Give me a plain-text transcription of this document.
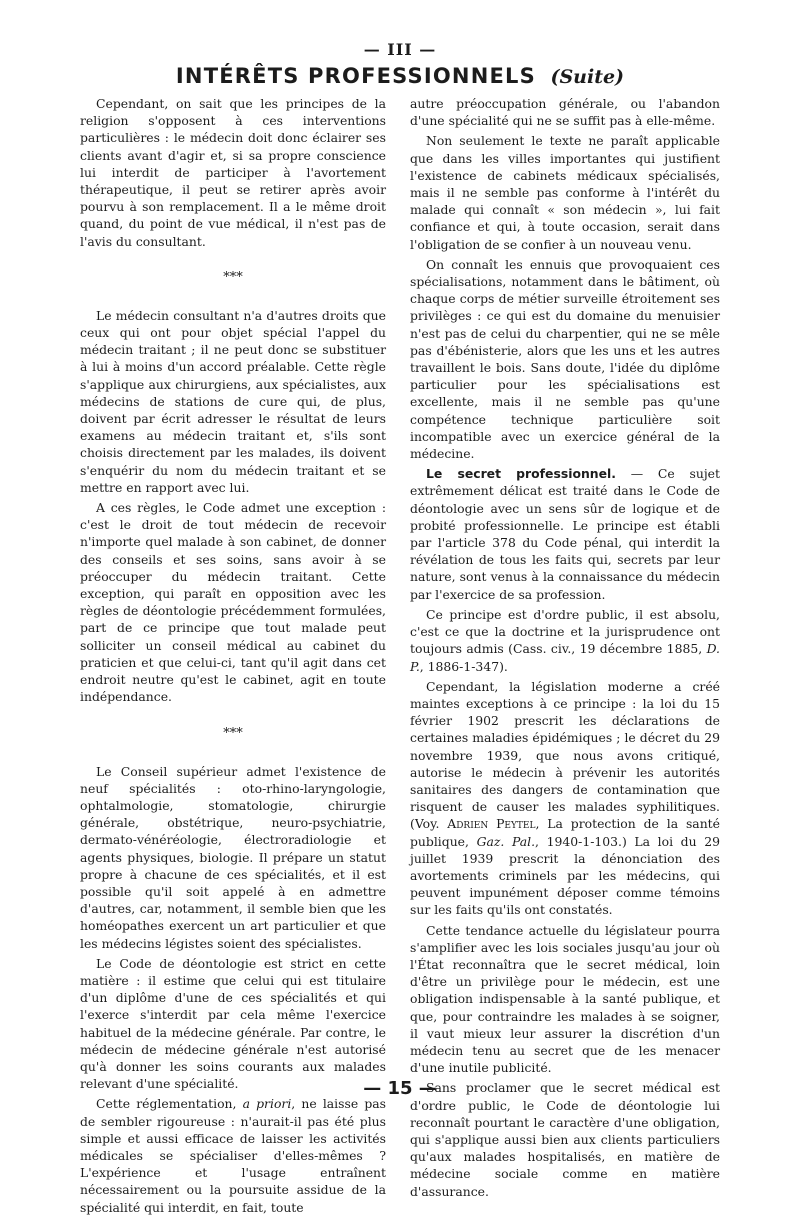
— III —
INTÉRÊTS PROFESSIONNELS (Suite)

Cependant, on sait que les principes de la religion s'opposent à ces interventions particulières : le médecin doit donc éclairer ses clients avant d'agir et, si sa propre conscience lui interdit de participer à l'avortement thérapeutique, il peut se retirer après avoir pourvu à son remplacement. Il a le même droit quand, du point de vue médical, il n'est pas de l'avis du consultant.

***

Le médecin consultant n'a d'autres droits que ceux qui ont pour objet spécial l'appel du médecin traitant ; il ne peut donc se substituer à lui à moins d'un accord préalable. Cette règle s'applique aux chirurgiens, aux spécialistes, aux médecins de stations de cure qui, de plus, doivent par écrit adresser le résultat de leurs examens au médecin traitant et, s'ils sont choisis directement par les malades, ils doivent s'enquérir du nom du médecin traitant et se mettre en rapport avec lui.

A ces règles, le Code admet une exception : c'est le droit de tout médecin de recevoir n'importe quel malade à son cabinet, de donner des conseils et ses soins, sans avoir à se préoccuper du médecin traitant. Cette exception, qui paraît en opposition avec les règles de déontologie précédemment formulées, part de ce principe que tout malade peut solliciter un conseil médical au cabinet du praticien et que celui-ci, tant qu'il agit dans cet endroit neutre qu'est le cabinet, agit en toute indépendance.

***

Le Conseil supérieur admet l'existence de neuf spécialités : oto-rhino-laryngologie, ophtalmologie, stomatologie, chirurgie générale, obstétrique, neuro-psychiatrie, dermato-vénéréologie, électroradiologie et agents physiques, biologie. Il prépare un statut propre à chacune de ces spécialités, et il est possible qu'il soit appelé à en admettre d'autres, car, notamment, il semble bien que les homéopathes exercent un art particulier et que les médecins légistes soient des spécialistes.

Le Code de déontologie est strict en cette matière : il estime que celui qui est titulaire d'un diplôme d'une de ces spécialités et qui l'exerce s'interdit par cela même l'exercice habituel de la médecine générale. Par contre, le médecin de médecine générale n'est autorisé qu'à donner les soins courants aux malades relevant d'une spécialité.

Cette réglementation, a priori, ne laisse pas de sembler rigoureuse : n'aurait-il pas été plus simple et aussi efficace de laisser les activités médicales se spécialiser d'elles-mêmes ? L'expérience et l'usage entraînent nécessairement ou la poursuite assidue de la spécialité qui interdit, en fait, toute

autre préoccupation générale, ou l'abandon d'une spécialité qui ne se suffit pas à elle-même.

Non seulement le texte ne paraît applicable que dans les villes importantes qui justifient l'existence de cabinets médicaux spécialisés, mais il ne semble pas conforme à l'intérêt du malade qui connaît « son médecin », lui fait confiance et qui, à toute occasion, serait dans l'obligation de se confier à un nouveau venu.

On connaît les ennuis que provoquaient ces spécialisations, notamment dans le bâtiment, où chaque corps de métier surveille étroitement ses privilèges : ce qui est du domaine du menuisier n'est pas de celui du charpentier, qui ne se mêle pas d'ébénisterie, alors que les uns et les autres travaillent le bois. Sans doute, l'idée du diplôme particulier pour les spécialisations est excellente, mais il ne semble pas qu'une compétence technique particulière soit incompatible avec un exercice général de la médecine.

Le secret professionnel. — Ce sujet extrêmement délicat est traité dans le Code de déontologie avec un sens sûr de logique et de probité professionnelle. Le principe est établi par l'article 378 du Code pénal, qui interdit la révélation de tous les faits qui, secrets par leur nature, sont venus à la connaissance du médecin par l'exercice de sa profession.

Ce principe est d'ordre public, il est absolu, c'est ce que la doctrine et la jurisprudence ont toujours admis (Cass. civ., 19 décembre 1885, D. P., 1886-1-347).

Cependant, la législation moderne a créé maintes exceptions à ce principe : la loi du 15 février 1902 prescrit les déclarations de certaines maladies épidémiques ; le décret du 29 novembre 1939, que nous avons critiqué, autorise le médecin à prévenir les autorités sanitaires des dangers de contamination que risquent de causer les malades syphilitiques. (Voy. Adrien Peytel, La protection de la santé publique, Gaz. Pal., 1940-1-103.) La loi du 29 juillet 1939 prescrit la dénonciation des avortements criminels par les médecins, qui peuvent impunément déposer comme témoins sur les faits qu'ils ont constatés.

Cette tendance actuelle du législateur pourra s'amplifier avec les lois sociales jusqu'au jour où l'État reconnaîtra que le secret médical, loin d'être un privilège pour le médecin, est une obligation indispensable à la santé publique, et que, pour contraindre les malades à se soigner, il vaut mieux leur assurer la discrétion d'un médecin tenu au secret que de les menacer d'une inutile publicité.

Sans proclamer que le secret médical est d'ordre public, le Code de déontologie lui reconnaît pourtant le caractère d'une obligation, qui s'applique aussi bien aux clients particuliers qu'aux malades hospitalisés, en matière de médecine sociale comme en matière d'assurance.

— 15 —
